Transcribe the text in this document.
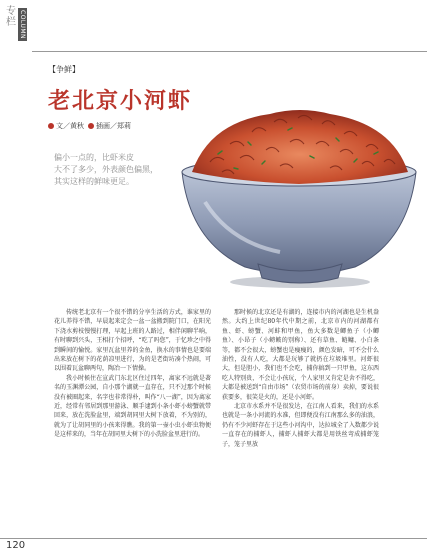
专栏 COLUMN
【争鲜】
老北京小河虾
文／黄秋	插画／郑莉

偏小一点的，比虾米皮

大不了多少，外表颜色偏黑，

其实这样的鲜味更足。

传统老北京有一个很不错的分享生活的方式，谁家里的花儿养得不错，早晨起来定会一盆一盆搬到院门口，在阳光下浇水剪枝慢慢打理，早起上班的人路过，相伴闲聊半晌，有时聊到兴头，王相打个招呼，“吃了吗您”，于忆珍之中得到瞬间的愉悦。家里瓦盆里养的金鱼，换水的事情也是要端出来放在树下的花荫凉里进行，为的是老街坊凑个热闹，可以围着瓦盆聊两句，陶冶一下情操。

我小时候住在宣武门东北区住过四年，离家不远就是著名的玉渊潭公园，自小那个湖就一直存在，只不过那个时候没有被圈起来，名字也非常得朴，叫作“八一湖”，因为离家近，经常有邻居到那里游泳、顺手逮到小条小虾小螃蟹就带回来，放在洗脸盆里，端到胡同里大树下放着，不为别的，就为了让胡同里的小孩来得瞧。我的第一壶小虫小虾虫物便是这样来的，当年在胡同里大树下的小洗脸盆里进行的。

那时候的北京还是有湖的，连接市内的河湖也是生机盎然。大约上世纪80年代中期之前，北京市内的河湖都有鱼、虾、螃蟹、河蚌和甲鱼，鱼大多数是鲫鱼子（小鲫鱼）、小昂子（小鳑鲏的别称）、还有草鱼、鲢鳙、小白条等，都不会很大，螃蟹也是瘦瘦的，颜色发暗，可不会什么油性，没有人吃，大都是玩够了就扔在垃圾堆里。河虾很大，但是胆小，我们也不会吃，捕你搞到一只甲鱼，这东西吃人特别贵，不会让小孩玩，个人家里又肯定是舍不得吃，大都是被送到“自由市场”（农贸市场的前身）卖掉，要说很获要多，很笑是火的，还是小河虾。

北京市水系并不是很发达，在江南人看来，我们的水系也就是一条小河流的水准，但即便没有江南那么多的油浪，仍有不少河虾存在于这些小河沟中，达拉城全了入数都少说一直存在的捕虾人，捕虾人捕虾大都是用铁丝弯成捕虾笼子，笼子里放

120
